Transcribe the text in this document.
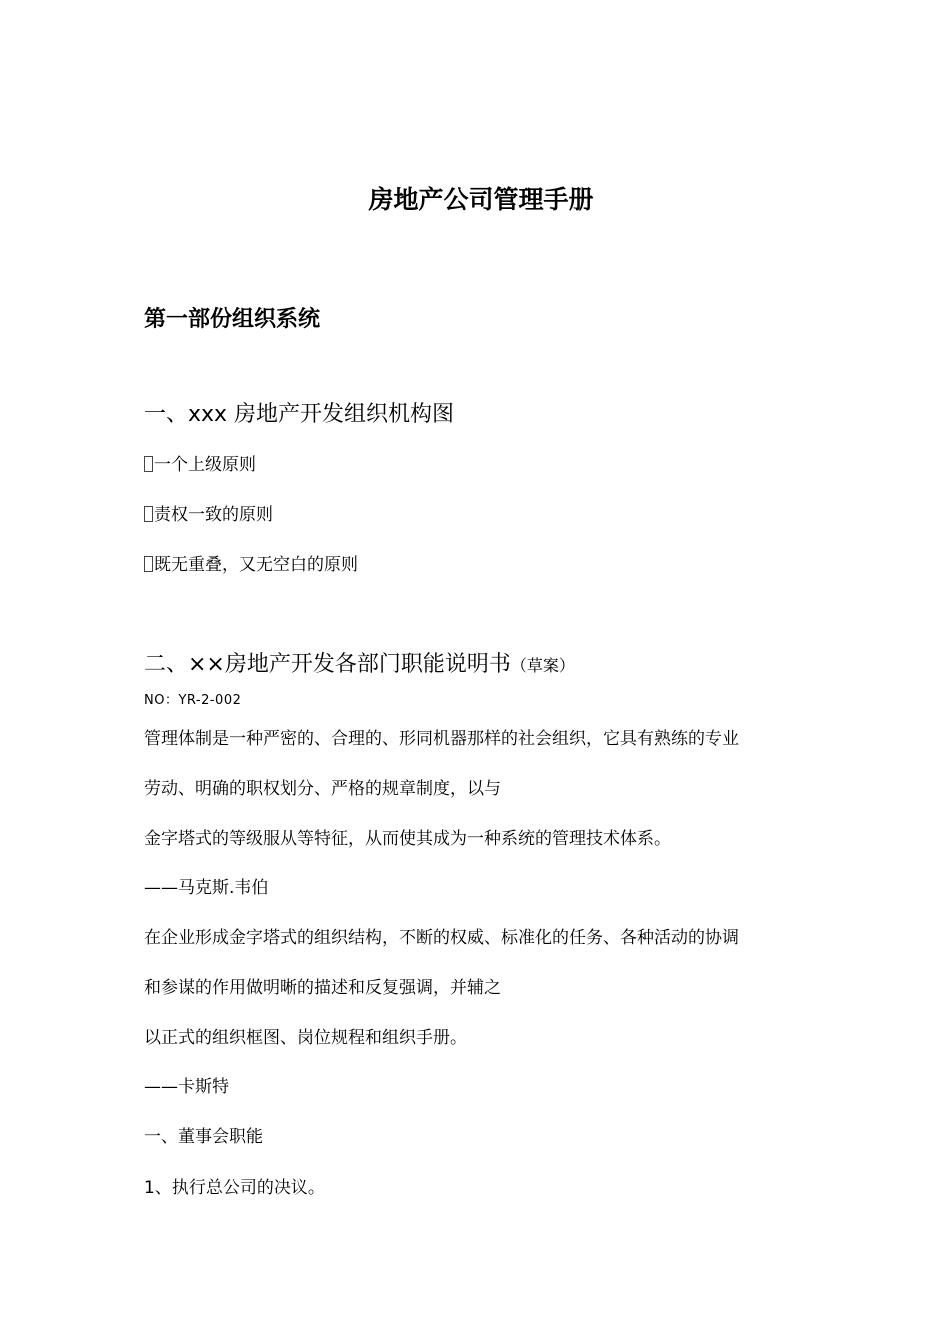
房地产公司管理手册
第一部份组织系统
一、xxx 房地产开发组织机构图
一个上级原则
责权一致的原则
既无重叠，又无空白的原则
二、××房地产开发各部门职能说明书（草案）
NO：YR-2-002
管理体制是一种严密的、合理的、形同机器那样的社会组织，它具有熟练的专业
劳动、明确的职权划分、严格的规章制度，以与
金字塔式的等级服从等特征，从而使其成为一种系统的管理技术体系。
——马克斯.韦伯
在企业形成金字塔式的组织结构，不断的权威、标准化的任务、各种活动的协调
和参谋的作用做明晰的描述和反复强调，并辅之
以正式的组织框图、岗位规程和组织手册。
——卡斯特
一、董事会职能
1、执行总公司的决议。
